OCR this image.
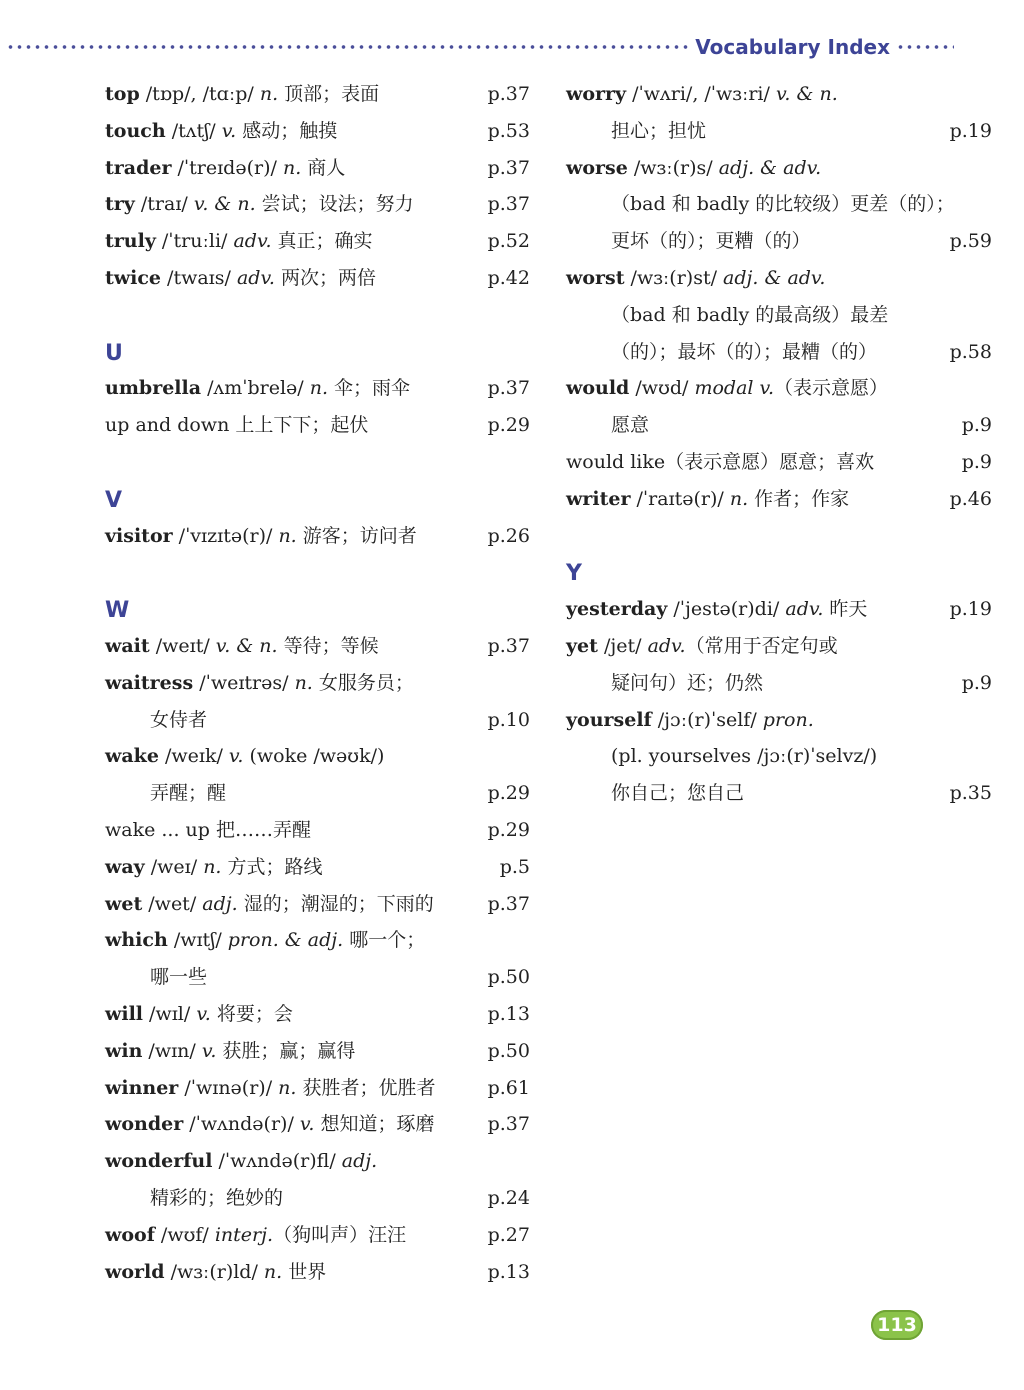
Vocabulary Index
top /tɒp/, /tɑːp/ n. 顶部；表面	p.37
touch /tʌtʃ/ v. 感动；触摸	p.53
trader /ˈtreɪdə(r)/ n. 商人	p.37
try /traɪ/ v. & n. 尝试；设法；努力	p.37
truly /ˈtruːli/ adv. 真正；确实	p.52
twice /twaɪs/ adv. 两次；两倍	p.42
U
umbrella /ʌmˈbrelə/ n. 伞；雨伞	p.37
up and down 上上下下；起伏	p.29
V
visitor /ˈvɪzɪtə(r)/ n. 游客；访问者	p.26
W
wait /weɪt/ v. & n. 等待；等候	p.37
waitress /ˈweɪtrəs/ n. 女服务员；
女侍者	p.10
wake /weɪk/ v. (woke /wəʊk/)
弄醒；醒	p.29
wake ... up 把……弄醒	p.29
way /weɪ/ n. 方式；路线	p.5
wet /wet/ adj. 湿的；潮湿的；下雨的	p.37
which /wɪtʃ/ pron. & adj. 哪一个；
哪一些	p.50
will /wɪl/ v. 将要；会	p.13
win /wɪn/ v. 获胜；赢；赢得	p.50
winner /ˈwɪnə(r)/ n. 获胜者；优胜者	p.61
wonder /ˈwʌndə(r)/ v. 想知道；琢磨	p.37
wonderful /ˈwʌndə(r)fl/ adj.
精彩的；绝妙的	p.24
woof /wʊf/ interj.（狗叫声）汪汪	p.27
world /wɜː(r)ld/ n. 世界	p.13
worry /ˈwʌri/, /ˈwɜːri/ v. & n.
担心；担忧	p.19
worse /wɜː(r)s/ adj. & adv.
（bad 和 badly 的比较级）更差（的）；
更坏（的）；更糟（的）	p.59
worst /wɜː(r)st/ adj. & adv.
（bad 和 badly 的最高级）最差
（的）；最坏（的）；最糟（的）	p.58
would /wʊd/ modal v.（表示意愿）
愿意	p.9
would like（表示意愿）愿意；喜欢	p.9
writer /ˈraɪtə(r)/ n. 作者；作家	p.46
Y
yesterday /ˈjestə(r)di/ adv. 昨天	p.19
yet /jet/ adv.（常用于否定句或
疑问句）还；仍然	p.9
yourself /jɔː(r)ˈself/ pron.
(pl. yourselves /jɔː(r)ˈselvz/)
你自己；您自己	p.35
113
